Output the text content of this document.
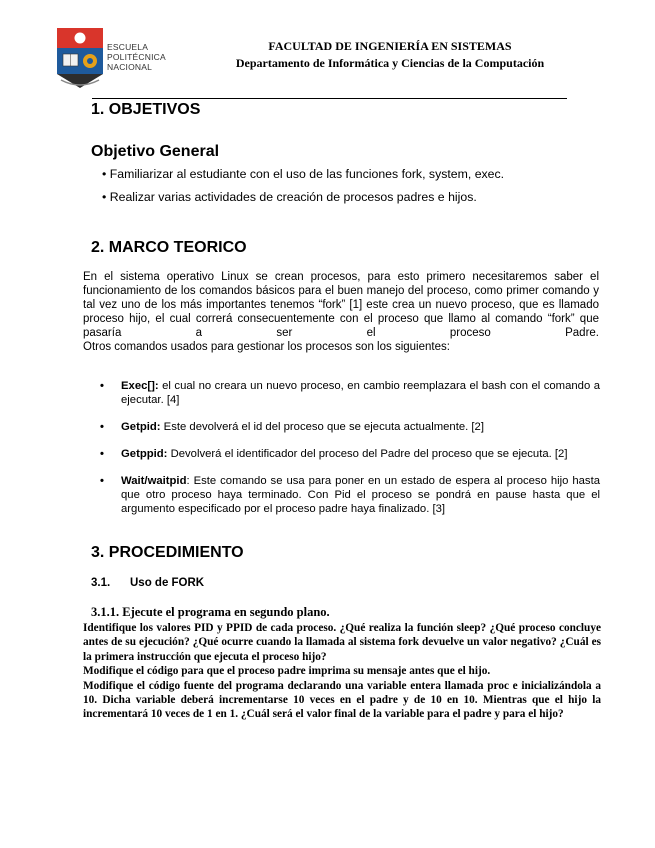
ESCUELA
POLITÉCNICA
NACIONAL
FACULTAD DE INGENIERÍA EN SISTEMAS
Departamento de Informática y Ciencias de la Computación
1. OBJETIVOS
Objetivo General
• Familiarizar al estudiante con el uso de las funciones fork, system, exec.
• Realizar varias actividades de creación de procesos padres e hijos.
2. MARCO TEORICO

En el sistema operativo Linux se crean procesos, para esto primero necesitaremos saber el funcionamiento de los comandos básicos para el buen manejo del proceso, como primer comando y tal vez uno de los más importantes tenemos “fork” [1] este crea un nuevo proceso, que es llamado proceso hijo, el cual correrá consecuentemente con el proceso que llamo al comando “fork” que pasaría a ser el proceso Padre.

Otros comandos usados para gestionar los procesos son los siguientes:

• Exec[]: el cual no creara un nuevo proceso, en cambio reemplazara el bash con el comando a ejecutar. [4]
• Getpid: Este devolverá el id del proceso que se ejecuta actualmente. [2]
• Getppid: Devolverá el identificador del proceso del Padre del proceso que se ejecuta. [2]
• Wait/waitpid: Este comando se usa para poner en un estado de espera al proceso hijo hasta que otro proceso haya terminado. Con Pid el proceso se pondrá en pause hasta que el argumento especificado por el proceso padre haya finalizado. [3]
3. PROCEDIMIENTO
3.1. Uso de FORK
3.1.1. Ejecute el programa en segundo plano.

Identifique los valores PID y PPID de cada proceso. ¿Qué realiza la función sleep? ¿Qué proceso concluye antes de su ejecución? ¿Qué ocurre cuando la llamada al sistema fork devuelve un valor negativo? ¿Cuál es la primera instrucción que ejecuta el proceso hijo?

Modifique el código para que el proceso padre imprima su mensaje antes que el hijo.

Modifique el código fuente del programa declarando una variable entera llamada proc e inicializándola a 10. Dicha variable deberá incrementarse 10 veces en el padre y de 10 en 10. Mientras que el hijo la incrementará 10 veces de 1 en 1. ¿Cuál será el valor final de la variable para el padre y para el hijo?
